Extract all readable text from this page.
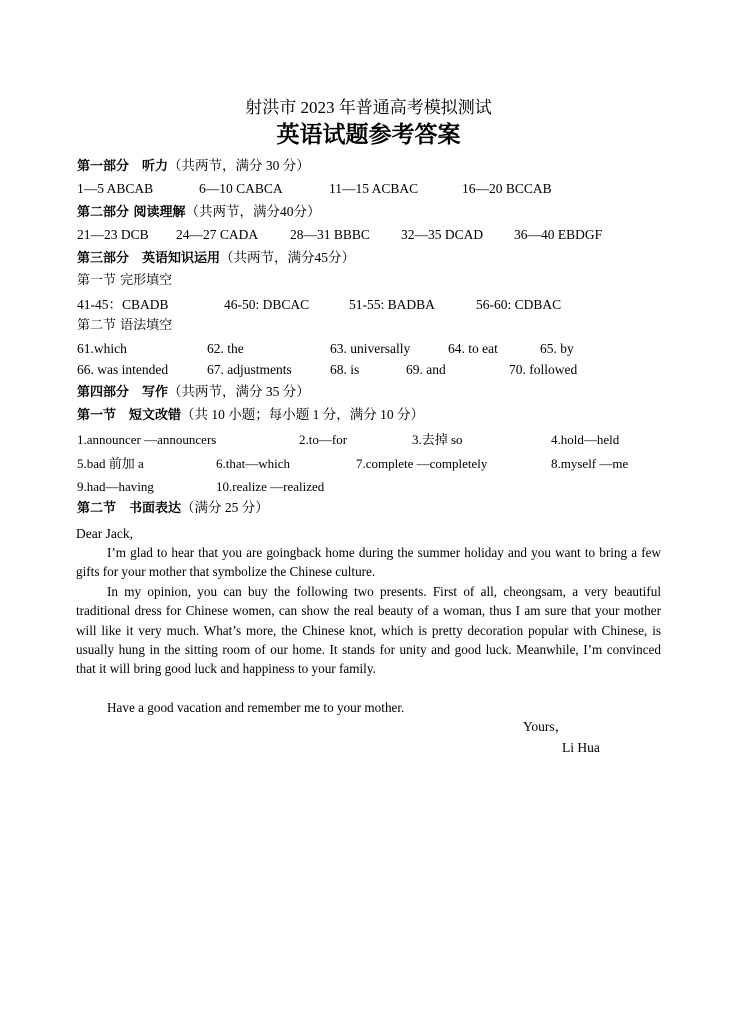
射洪市 2023 年普通高考模拟测试
英语试题参考答案
第一部分　听力（共两节，满分 30 分）
1—5 ABCAB	6—10 CABCA	11—15 ACBAC	16—20 BCCAB
第二部分 阅读理解（共两节，满分40分）
21—23 DCB 24—27 CADA 28—31 BBBC 32—35 DCAD 36—40 EBDGF
第三部分　英语知识运用（共两节，满分45分）
第一节 完形填空
41-45：CBADB	46-50: DBCAC	51-55: BADBA	56-60: CDBAC
第二节 语法填空
61.which	62. the	63. universally	64. to eat	65. by
66. was intended	67. adjustments	68. is	69. and	70. followed
第四部分　写作（共两节，满分 35 分）
第一节　短文改错（共 10 小题；每小题 1 分，满分 10 分）
1.announcer —announcers	2.to—for	3.去掉 so	4.hold—held
5.bad 前加 a	6.that—which	7.complete —completely	8.myself —me
9.had—having	10.realize —realized
第二节　书面表达（满分 25 分）
Dear Jack,
I’m glad to hear that you are goingback home during the summer holiday and you want to bring a few gifts for your mother that symbolize the Chinese culture.
In my opinion, you can buy the following two presents. First of all, cheongsam, a very beautiful traditional dress for Chinese women, can show the real beauty of a woman, thus I am sure that your mother will like it very much. What’s more, the Chinese knot, which is pretty decoration popular with Chinese, is usually hung in the sitting room of our home. It stands for unity and good luck. Meanwhile, I’m convinced that it will bring good luck and happiness to your family.
Have a good vacation and remember me to your mother.
Yours，
Li Hua
